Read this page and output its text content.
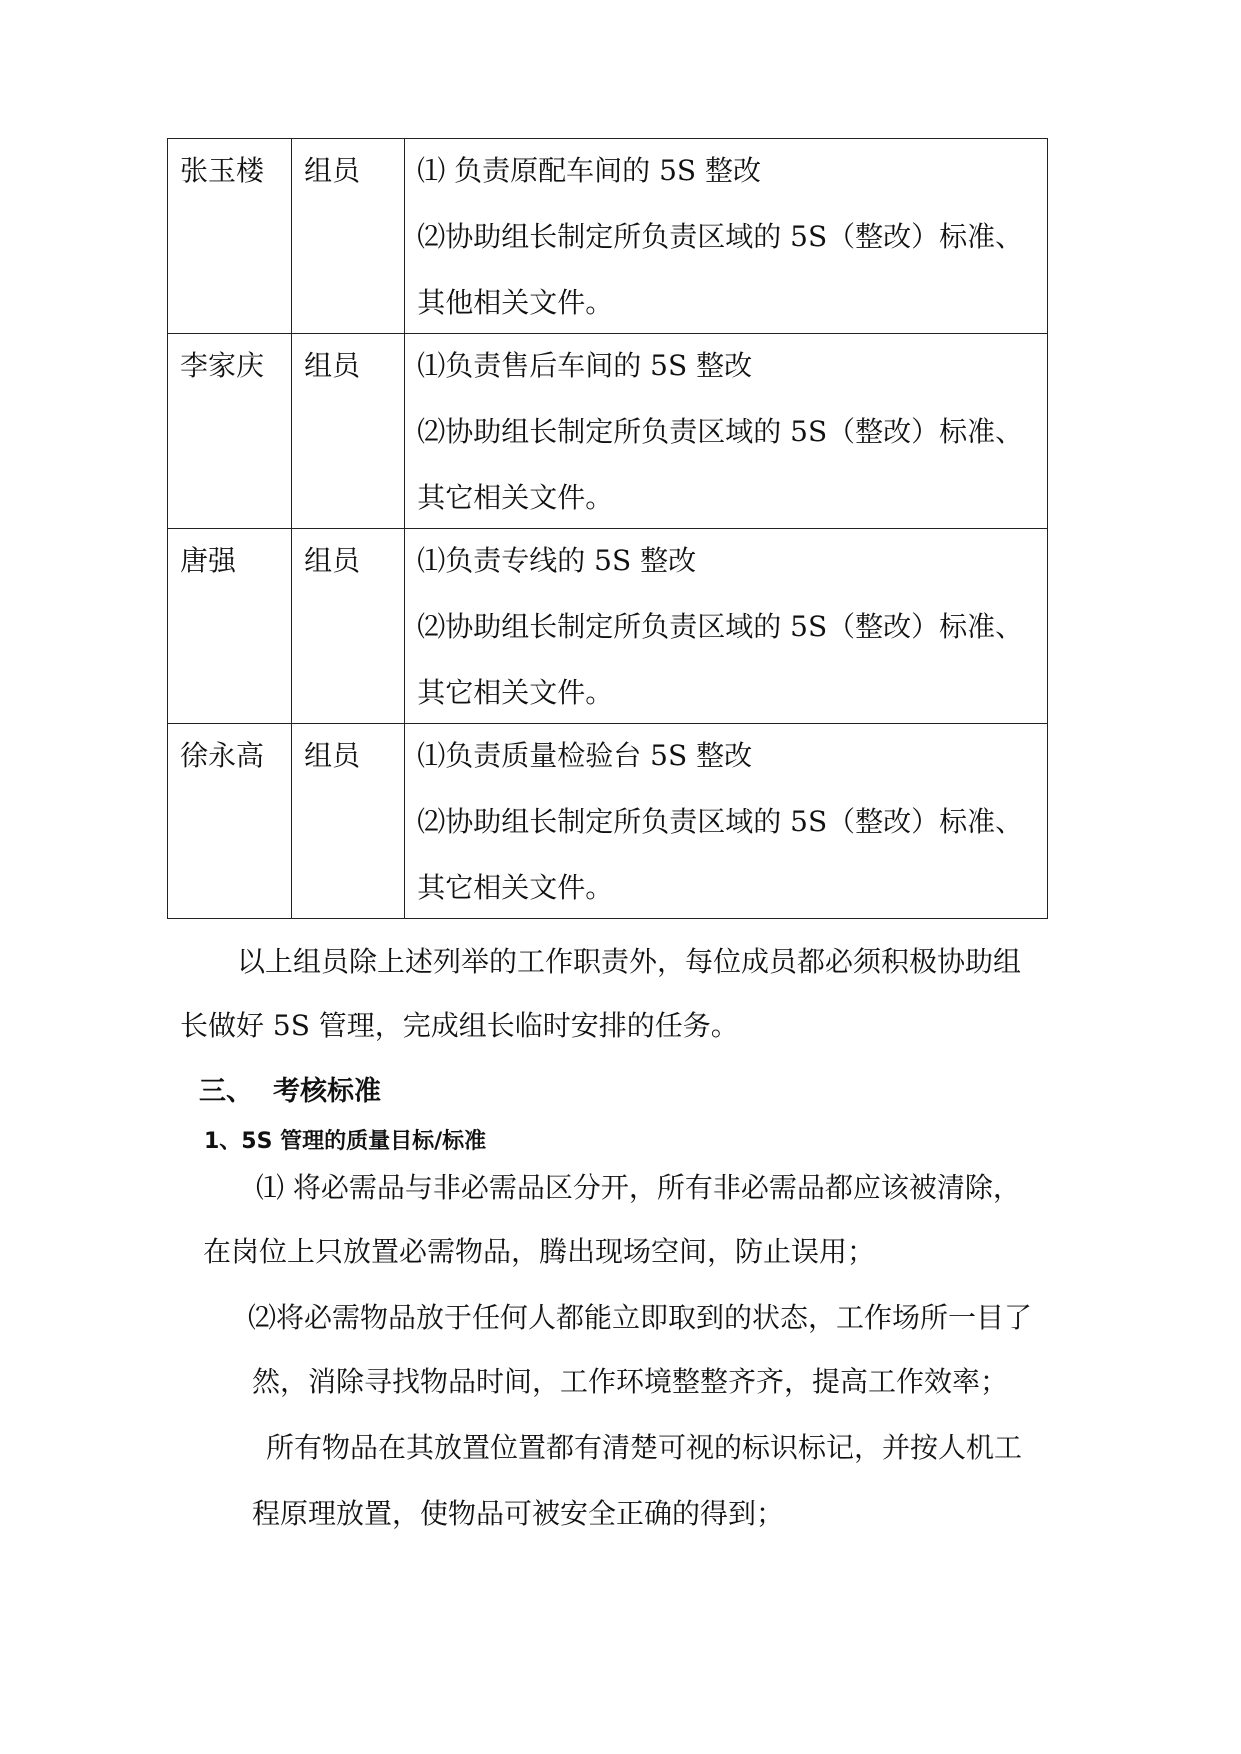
张玉楼	组员	⑴ 负责原配车间的 5S 整改
⑵协助组长制定所负责区域的 5S（整改）标准、
其他相关文件。

李家庆	组员	⑴负责售后车间的 5S 整改
⑵协助组长制定所负责区域的 5S（整改）标准、
其它相关文件。

唐强	组员	⑴负责专线的 5S 整改
⑵协助组长制定所负责区域的 5S（整改）标准、
其它相关文件。

徐永高	组员	⑴负责质量检验台 5S 整改
⑵协助组长制定所负责区域的 5S（整改）标准、
其它相关文件。
以上组员除上述列举的工作职责外，每位成员都必须积极协助组
长做好 5S 管理，完成组长临时安排的任务。
三、 考核标准
1、5S 管理的质量目标/标准
⑴ 将必需品与非必需品区分开，所有非必需品都应该被清除，
在岗位上只放置必需物品，腾出现场空间，防止误用；
⑵将必需物品放于任何人都能立即取到的状态，工作场所一目了
然，消除寻找物品时间，工作环境整整齐齐，提高工作效率；
所有物品在其放置位置都有清楚可视的标识标记，并按人机工
程原理放置，使物品可被安全正确的得到；
